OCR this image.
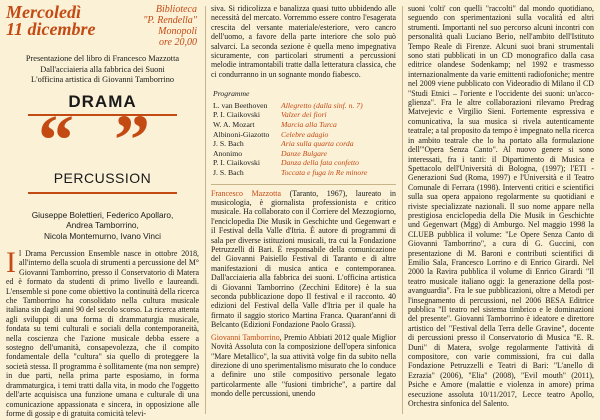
Mercoledì
11 dicembre
Biblioteca
"P. Rendella"
Monopoli
ore 20,00
Presentazione del libro di Francesco Mazzotta
Dall'acciaieria alla fabbrica dei Suoni
L'officina artistica di Giovanni Tamborrino
DRAMA
“ ”
PERCUSSION
Giuseppe Bolettieri, Federico Apollaro,
Andrea Tamborrino,
Nicola Montemurno, Ivano Vinci
Il Drama Percussion Ensemble nasce in ottobre 2018, all'interno della scuola di strumenti a percussione del M° Giovanni Tamborrino, presso il Conservatorio di Matera ed è formato da studenti di primo livello e laureandi. L'ensemble si pone come obiettivo la continuità della ricerca che Tamborrino ha consolidato nella cultura musicale italiana sin dagli anni 90 del secolo scorso. La ricerca attenta agli sviluppi di una forma di drammaturgia musicale, fondata su temi culturali e sociali della contemporaneità, nella coscienza che l'azione musicale debba essere a sostegno dell'umanità, consapevolezza, che il compito fondamentale della "cultura" sia quello di proteggere la società stessa. Il programma è sollitamente (ma non sempre) in due parti, nella prima parte esposiamo, in forma drammaturgica, i temi tratti dalla vita, in modo che l'oggetto dell'arte acquisisca una funzione umana e culturale di una comunicazione appassionata e sincera, in opposizione alle forme di gossip e di gratuita comicità televi-
siva. Si ridicolizza e banalizza quasi tutto ubbidendo alle necessità del mercato. Vorremmo essere contro l'esagerata crescita del versante materiale/esteriore, vero cancro dell'uomo, a favore della parte interiore che solo può salvarci. La seconda sezione è quella meno impegnativa sicuramente, con particolari strumenti a percussioni melodie intramontabili tratte dalla letteratura classica, che ci condurranno in un sognante mondo fiabesco.
Programme
L. van Beethoven	Allegretto (dalla sinf. n. 7)
P. I. Ciaikovski	Valzer dei fiori
W. A. Mozart	Marcia alla Turca
Albinoni-Giazotto	Celebre adagio
J. S. Bach	Aria sulla quarta corda
Anonimo	Danze Bulgare
P. I. Ciaikovski	Danza della fata confetto
J. S. Bach	Toccata e fuga in Re minore

Francesco Mazzotta (Taranto, 1967), laureato in musicologia, è giornalista professionista e critico musicale. Ha collaborato con il Corriere del Mezzogiorno, l'enciclopedia Die Musik in Geschichte und Gegenwart e il Festival della Valle d'Itria. È autore di programmi di sala per diverse istituzioni musicali, tra cui la Fondazione Petruzzelli di Bari. È responsabile della comunicazione del Giovanni Paisiello Festival di Taranto e di altre manifestazioni di musica antica e contemporanea. Dall'acciaieria alla fabbrica dei suoni. L'officina artistica di Giovanni Tamborrino (Zecchini Editore) è la sua seconda pubblicazione dopo Il festival e il racconto. 40 edizioni del Festival della Valle d'Itria per il quale ha firmato il saggio storico Martina Franca. Quarant'anni di Belcanto (Edizioni Fondazione Paolo Grassi).

Giovanni Tamborrino, Premio Abbiati 2012 quale Miglior Novità Assoluta con la composizione dell'opera sinfonica "Mare Metallico", la sua attività volge fin da subito nella direzione di uno sperimentalismo misurato che lo conduce a definire uno stile compositivo personale legato particolarmente alle "fusioni timbriche", a partire dal mondo delle percussioni, unendo

suoni 'colti' con quelli "raccolti" dal mondo quotidiano, seguendo con sperimentazioni sulla vocalità ed altri strumenti. Importanti nel suo percorso alcuni incontri con personalità quali Luciano Berio, nell'ambito dell'Istituto Tempo Reale di Firenze. Alcuni suoi brani strumentali sono stati pubblicati in un CD monografico dalla casa editrice olandese Sodenkamp; nel 1992 e trasmesso internazionalmente da varie emittenti radiofoniche; mentre nel 2009 viene pubblicato con Videoradio di Milano il CD "Studi Etnici – l'oriente e l'occidente dei suoni: un'acco-glienza". Fra le altre collaborazioni rilevamo Predrag Matvejevic e Virgilio Sieni. Fortemente espressiva e comunicativa, la sua musica si rivela autenticamente teatrale; a tal proposito da tempo è impegnato nella ricerca in ambito teatrale che lo ha portato alla formulazione dell'"Opera Senza Canto". Al nuovo genere si sono interessati, fra i tanti: il Dipartimento di Musica e Spettacolo dell'Università di Bologna, (1997); l'ETI - Generazioni Sud (Roma, 1997) e l'Università e il Teatro Comunale di Ferrara (1998). Interventi critici e scientifici sulla sua opera appaiono regolarmente su quotidiani e riviste specializzate nazionali. Il suo nome appare nella prestigiosa enciclopedia della Die Musik in Geschichte und Gegenwart (Mgg) di Amburgo. Nel maggio 1998 la CLUEB pubblica il volume: "Le Opere Senza Canto di Giovanni Tamborrino", a cura di G. Guccini, con presentazione di M. Baroni e contributi scientifici di Emilio Sala, Francesco Lorrino e di Enrico Girardi. Nel 2000 la Ravira pubblica il volume di Enrico Girardi "Il teatro musicale italiano oggi: la generazione della post-avanguardia". Fra le sue pubblicazioni, oltre a Metodi per l'insegnamento di percussioni, nel 2006 BESA Editrice pubblica "Il teatro nel sistema timbrico e le dominazioni del presente". Giovanni Tamborrino è ideatore e direttore artistico del "Festival della Terra delle Gravine", docente di percussioni presso il Conservatorio di Musica "E. R. Duni" di Matera, svolge regolarmente l'attività di compositore, con varie commissioni, fra cui dalla Fondazione Petruzzelli e Teatri di Bari: "L'anello di Ezrazia" (2006), "Elia" (2008), "Evil mouth" (2011), Psiche e Amore (malattie e violenza in amore) prima esecuzione assoluta 10/11/2017, Lecce teatro Apollo, Orchestra sinfonica del Salento.
